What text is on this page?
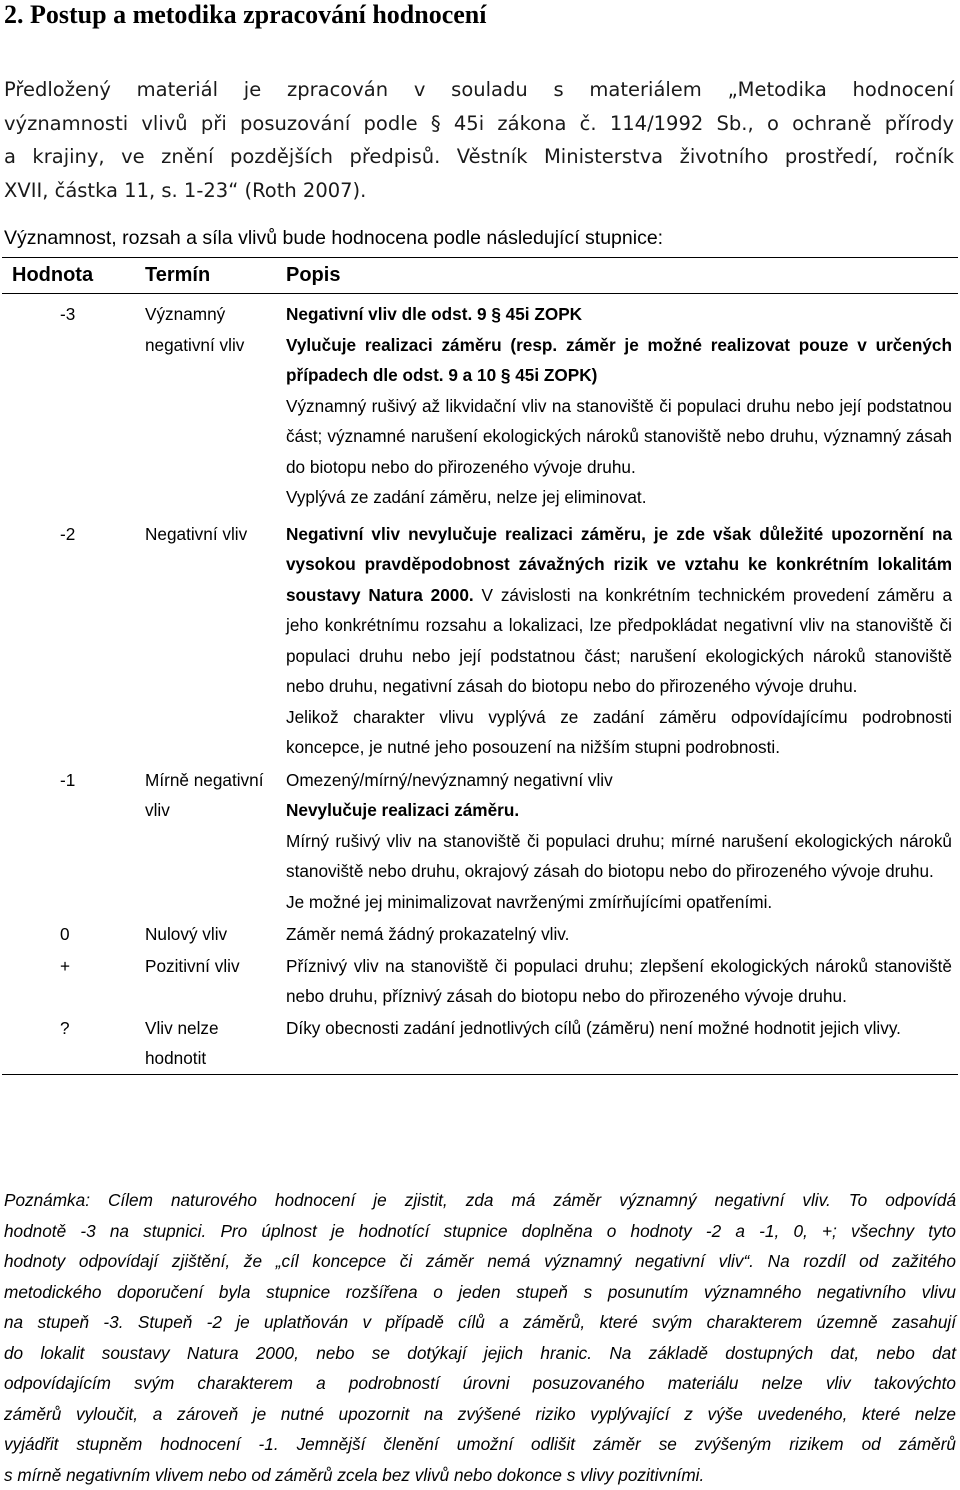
2. Postup a metodika zpracování hodnocení
Předložený materiál je zpracován v souladu s materiálem „Metodika hodnocení
významnosti vlivů při posuzování podle § 45i zákona č. 114/1992 Sb., o ochraně přírody
a krajiny, ve znění pozdějších předpisů. Věstník Ministerstva životního prostředí, ročník
XVII, částka 11, s. 1-23“ (Roth 2007).
Významnost, rozsah a síla vlivů bude hodnocena podle následující stupnice:
Hodnota	Termín	Popis
-3	Významný negativní vliv	Negativní vliv dle odst. 9 § 45i ZOPK

Vylučuje realizaci záměru (resp. záměr je možné realizovat pouze v určených případech dle odst. 9 a 10 § 45i ZOPK)

Významný rušivý až likvidační vliv na stanoviště či populaci druhu nebo její podstatnou část; významné narušení ekologických nároků stanoviště nebo druhu, významný zásah do biotopu nebo do přirozeného vývoje druhu.

Vyplývá ze zadání záměru, nelze jej eliminovat.

-2	Negativní vliv	Negativní vliv nevylučuje realizaci záměru, je zde však důležité upozornění na vysokou pravděpodobnost závažných rizik ve vztahu ke konkrétním lokalitám soustavy Natura 2000. V závislosti na konkrétním technickém provedení záměru a jeho konkrétnímu rozsahu a lokalizaci, lze předpokládat negativní vliv na stanoviště či populaci druhu nebo její podstatnou část; narušení ekologických nároků stanoviště nebo druhu, negativní zásah do biotopu nebo do přirozeného vývoje druhu.

Jelikož charakter vlivu vyplývá ze zadání záměru odpovídajícímu podrobnosti koncepce, je nutné jeho posouzení na nižším stupni podrobnosti.

-1	Mírně negativní vliv	Omezený/mírný/nevýznamný negativní vliv

Nevylučuje realizaci záměru.

Mírný rušivý vliv na stanoviště či populaci druhu; mírné narušení ekologických nároků stanoviště nebo druhu, okrajový zásah do biotopu nebo do přirozeného vývoje druhu.

Je možné jej minimalizovat navrženými zmírňujícími opatřeními.

0	Nulový vliv	Záměr nemá žádný prokazatelný vliv.

+	Pozitivní vliv	Příznivý vliv na stanoviště či populaci druhu; zlepšení ekologických nároků stanoviště nebo druhu, příznivý zásah do biotopu nebo do přirozeného vývoje druhu.

?	Vliv nelze hodnotit	Díky obecnosti zadání jednotlivých cílů (záměru) není možné hodnotit jejich vlivy.

Poznámka: Cílem naturového hodnocení je zjistit, zda má záměr významný negativní vliv. To odpovídá
hodnotě -3 na stupnici. Pro úplnost je hodnotící stupnice doplněna o hodnoty -2 a -1, 0, +; všechny tyto
hodnoty odpovídají zjištění, že „cíl koncepce či záměr nemá významný negativní vliv“. Na rozdíl od zažitého
metodického doporučení byla stupnice rozšířena o jeden stupeň s posunutím významného negativního vlivu
na stupeň -3. Stupeň -2 je uplatňován v případě cílů a záměrů, které svým charakterem územně zasahují
do lokalit soustavy Natura 2000, nebo se dotýkají jejich hranic. Na základě dostupných dat, nebo dat
odpovídajícím svým charakterem a podrobností úrovni posuzovaného materiálu nelze vliv takovýchto
záměrů vyloučit, a zároveň je nutné upozornit na zvýšené riziko vyplývající z výše uvedeného, které nelze
vyjádřit stupněm hodnocení -1. Jemnější členění umožní odlišit záměr se zvýšeným rizikem od záměrů
s mírně negativním vlivem nebo od záměrů zcela bez vlivů nebo dokonce s vlivy pozitivními.
